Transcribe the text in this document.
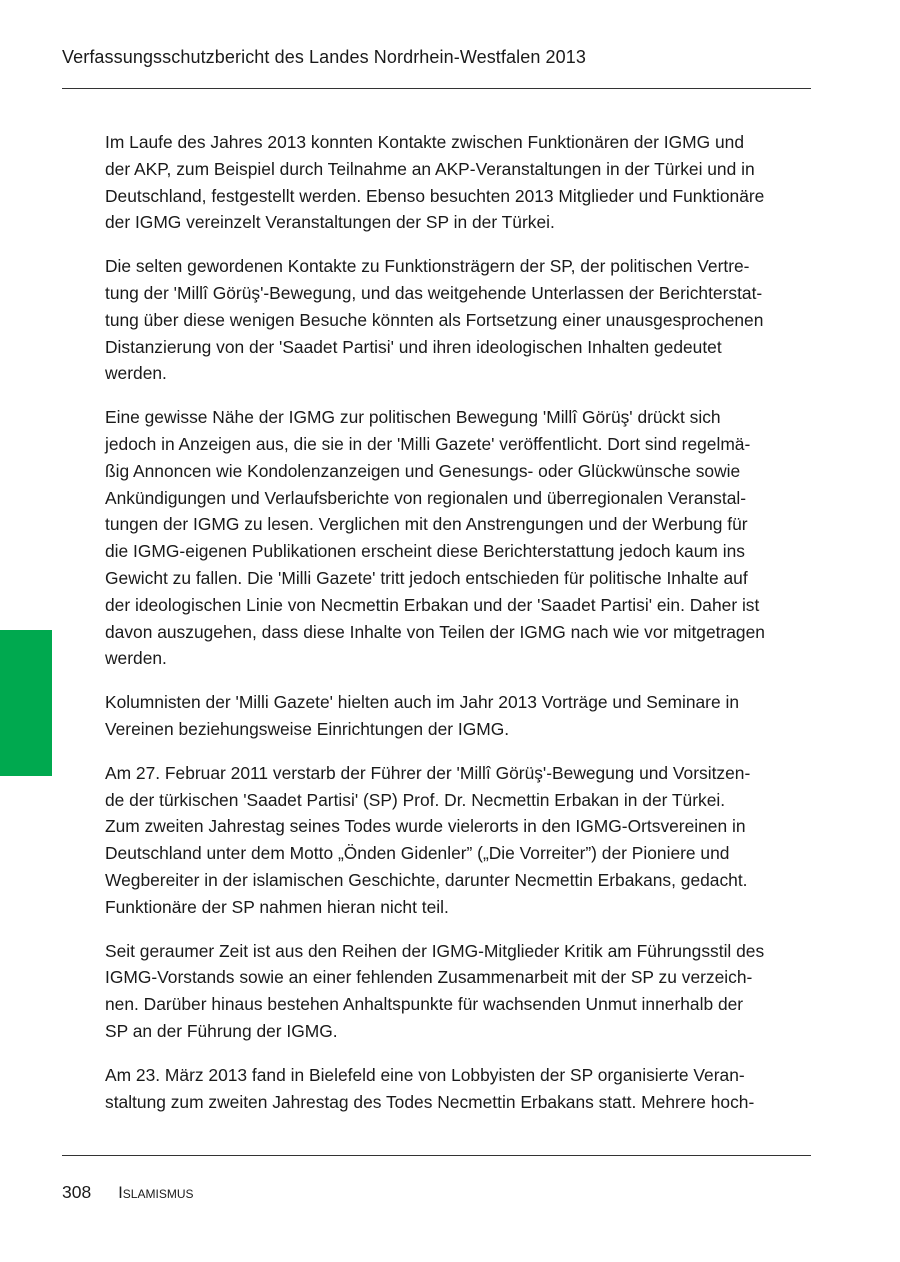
Verfassungsschutzbericht des Landes Nordrhein-Westfalen 2013

Im Laufe des Jahres 2013 konnten Kontakte zwischen Funktionären der IGMG und
der AKP, zum Beispiel durch Teilnahme an AKP-Veranstaltungen in der Türkei und in
Deutschland, festgestellt werden. Ebenso besuchten 2013 Mitglieder und Funktionäre
der IGMG vereinzelt Veranstaltungen der SP in der Türkei.

Die selten gewordenen Kontakte zu Funktionsträgern der SP, der politischen Vertre-
tung der 'Millî Görüş'-Bewegung, und das weitgehende Unterlassen der Berichterstat-
tung über diese wenigen Besuche könnten als Fortsetzung einer unausgesprochenen
Distanzierung von der 'Saadet Partisi' und ihren ideologischen Inhalten gedeutet
werden.

Eine gewisse Nähe der IGMG zur politischen Bewegung 'Millî Görüş' drückt sich
jedoch in Anzeigen aus, die sie in der 'Milli Gazete' veröffentlicht. Dort sind regelmä-
ßig Annoncen wie Kondolenzanzeigen und Genesungs- oder Glückwünsche sowie
Ankündigungen und Verlaufsberichte von regionalen und überregionalen Veranstal-
tungen der IGMG zu lesen. Verglichen mit den Anstrengungen und der Werbung für
die IGMG-eigenen Publikationen erscheint diese Berichterstattung jedoch kaum ins
Gewicht zu fallen. Die 'Milli Gazete' tritt jedoch entschieden für politische Inhalte auf
der ideologischen Linie von Necmettin Erbakan und der 'Saadet Partisi' ein. Daher ist
davon auszugehen, dass diese Inhalte von Teilen der IGMG nach wie vor mitgetragen
werden.

Kolumnisten der 'Milli Gazete' hielten auch im Jahr 2013 Vorträge und Seminare in
Vereinen beziehungsweise Einrichtungen der IGMG.

Am 27. Februar 2011 verstarb der Führer der 'Millî Görüş'-Bewegung und Vorsitzen-
de der türkischen 'Saadet Partisi' (SP) Prof. Dr. Necmettin Erbakan in der Türkei.
Zum zweiten Jahrestag seines Todes wurde vielerorts in den IGMG-Ortsvereinen in
Deutschland unter dem Motto „Önden Gidenler” („Die Vorreiter”) der Pioniere und
Wegbereiter in der islamischen Geschichte, darunter Necmettin Erbakans, gedacht.
Funktionäre der SP nahmen hieran nicht teil.

Seit geraumer Zeit ist aus den Reihen der IGMG-Mitglieder Kritik am Führungsstil des
IGMG-Vorstands sowie an einer fehlenden Zusammenarbeit mit der SP zu verzeich-
nen. Darüber hinaus bestehen Anhaltspunkte für wachsenden Unmut innerhalb der
SP an der Führung der IGMG.

Am 23. März 2013 fand in Bielefeld eine von Lobbyisten der SP organisierte Veran-
staltung zum zweiten Jahrestag des Todes Necmettin Erbakans statt. Mehrere hoch-

308 Islamismus
